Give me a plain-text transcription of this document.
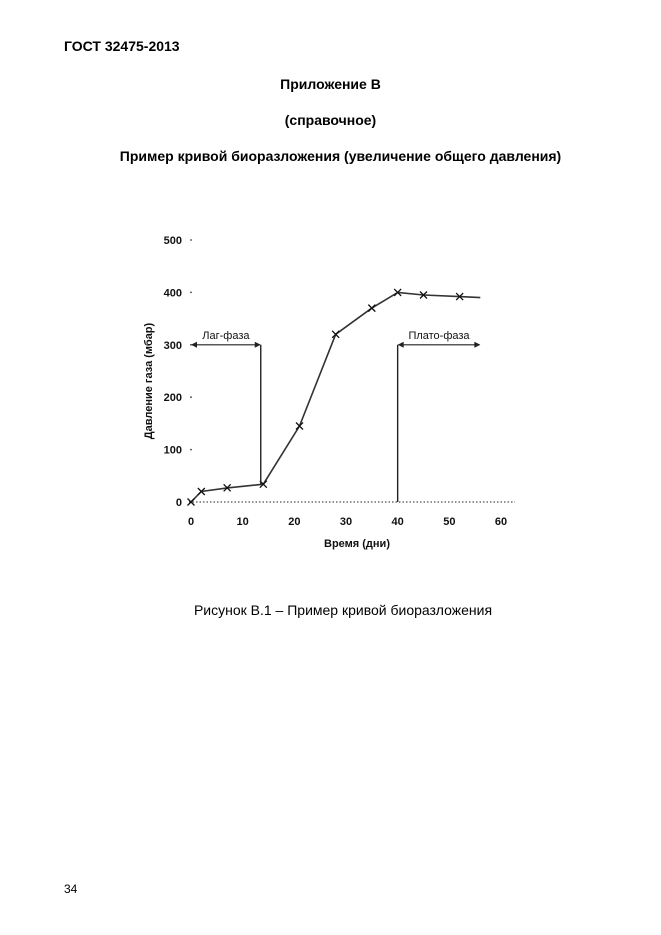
ГОСТ 32475-2013
Приложение В
(справочное)
Пример кривой биоразложения (увеличение общего давления)
0
100
200
300
400
500
0	10	20	30	40	50	60
Время (дни)
Давление газа (мбар)	Лаг-фаза	Плато-фаза
Рисунок В.1 – Пример кривой биоразложения
34
